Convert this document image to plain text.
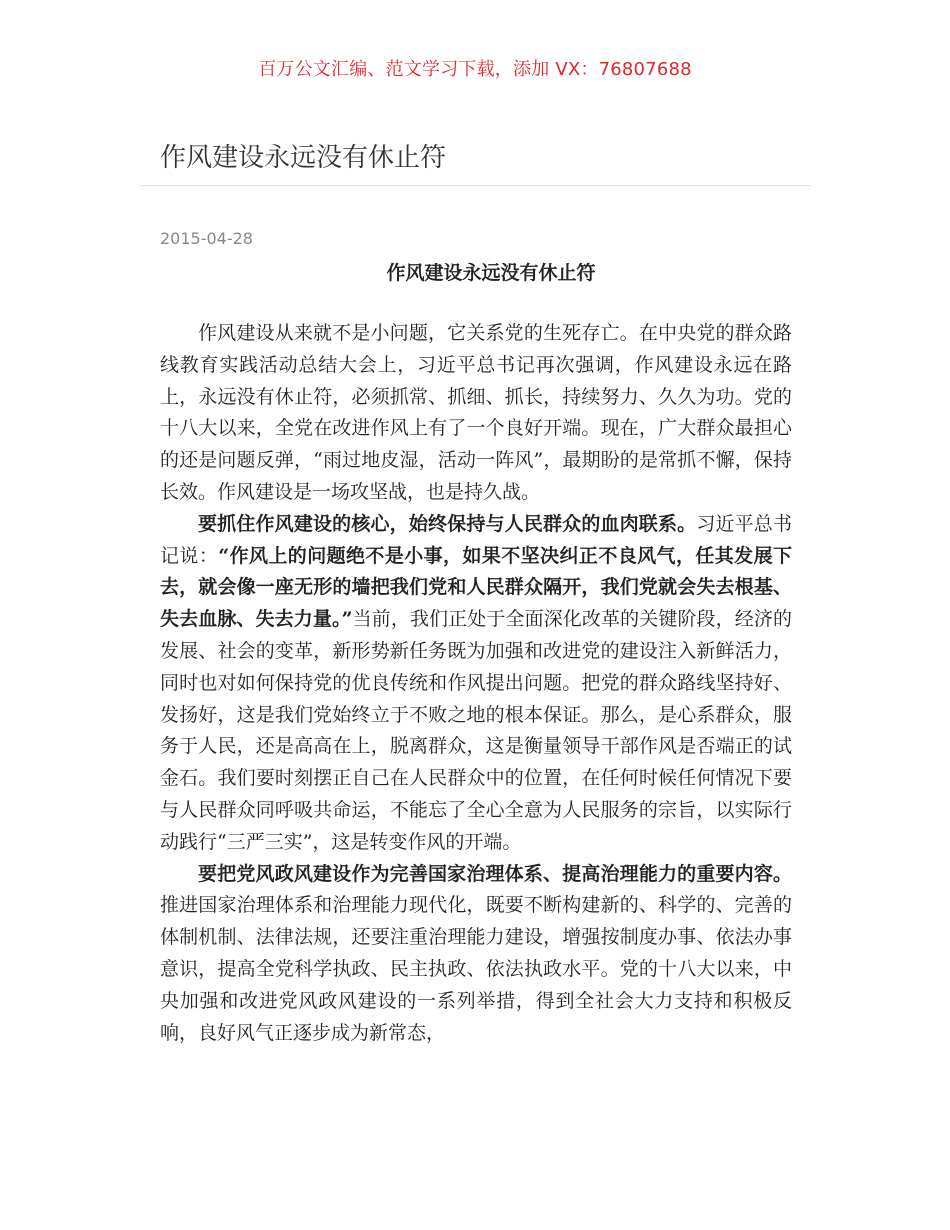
百万公文汇编、范文学习下载，添加 VX：76807688
作风建设永远没有休止符
2015-04-28
作风建设永远没有休止符

作风建设从来就不是小问题，它关系党的生死存亡。在中央党的群众路线教育实践活动总结大会上，习近平总书记再次强调，作风建设永远在路上，永远没有休止符，必须抓常、抓细、抓长，持续努力、久久为功。党的十八大以来，全党在改进作风上有了一个良好开端。现在，广大群众最担心的还是问题反弹，“雨过地皮湿，活动一阵风”，最期盼的是常抓不懈，保持长效。作风建设是一场攻坚战，也是持久战。

要抓住作风建设的核心，始终保持与人民群众的血肉联系。习近平总书记说：“作风上的问题绝不是小事，如果不坚决纠正不良风气，任其发展下去，就会像一座无形的墙把我们党和人民群众隔开，我们党就会失去根基、失去血脉、失去力量。”当前，我们正处于全面深化改革的关键阶段，经济的发展、社会的变革，新形势新任务既为加强和改进党的建设注入新鲜活力，同时也对如何保持党的优良传统和作风提出问题。把党的群众路线坚持好、发扬好，这是我们党始终立于不败之地的根本保证。那么，是心系群众，服务于人民，还是高高在上，脱离群众，这是衡量领导干部作风是否端正的试金石。我们要时刻摆正自己在人民群众中的位置，在任何时候任何情况下要与人民群众同呼吸共命运，不能忘了全心全意为人民服务的宗旨，以实际行动践行“三严三实”，这是转变作风的开端。

要把党风政风建设作为完善国家治理体系、提高治理能力的重要内容。推进国家治理体系和治理能力现代化，既要不断构建新的、科学的、完善的体制机制、法律法规，还要注重治理能力建设，增强按制度办事、依法办事意识，提高全党科学执政、民主执政、依法执政水平。党的十八大以来，中央加强和改进党风政风建设的一系列举措，得到全社会大力支持和积极反响，良好风气正逐步成为新常态，
